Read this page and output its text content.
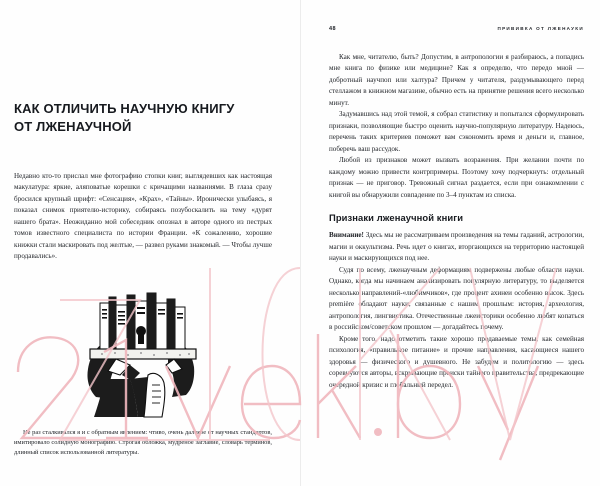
КАК ОТЛИЧИТЬ НАУЧНУЮ КНИГУ
ОТ ЛЖЕНАУЧНОЙ

Недавно кто-то прислал мне фотографию стопки книг, выглядевших как настоящая макулатура: яркие, аляповатые корешки с кричащими названиями. В глаза сразу бросился крупный шрифт: «Сенсация», «Крах», «Тайны». Иронически улыбаясь, я показал снимок приятелю-историку, собираясь позубоскалить на тему «дурят нашего брата». Неожиданно мой собеседник опознал в авторе одного из пестрых томов известного специалиста по истории Франции. «К сожалению, хорошие книжки стали маскировать под желтые, — развел руками знакомый. — Чтобы лучше продавались».

Не раз сталкивался я и с обратным явлением: чтиво, очень далекое от научных стандартов, имитировало солидную монографию. Строгая обложка, мудреное заглавие, словарь терминов, длинный список использованной литературы.

48	ПРИВИВКА ОТ ЛЖЕНАУКИ

Как мне, читателю, быть? Допустим, в антропологии я разбираюсь, а попадись мне книга по физике или медицине? Как я определю, что передо мной — добротный научпоп или халтура? Причем у читателя, раздумывающего перед стеллажом в книжном магазине, обычно есть на принятие решения всего несколько минут.

Задумавшись над этой темой, я собрал статистику и попытался сформулировать признаки, позволяющие быстро оценить научно-популярную литературу. Надеюсь, перечень таких критериев поможет вам сэкономить время и деньги и, главное, поберечь ваш рассудок.

Любой из признаков может вызвать возражения. При желании почти по каждому можно привести контрпримеры. Поэтому хочу подчеркнуть: отдельный признак — не приговор. Тревожный сигнал раздается, если при ознакомлении с книгой вы обнаружили совпадение по 3–4 пунктам из списка.

Признаки лженаучной книги

Внимание! Здесь мы не рассматриваем произведения на темы гаданий, астрологии, магии и оккультизма. Речь идет о книгах, вторгающихся на территорию настоящей науки и маскирующихся под нее.

Судя по всему, лженаучным деформациям подвержены любые области науки. Однако, когда мы начинаем анализировать популярную литературу, то выделяется несколько направлений-«любимчиков», где процент ахинеи особенно высок. Здесь première обладают науки, связанные с нашим прошлым: история, археология, антропология, лингвистика. Отечественные лжеисторики особенно любят копаться в российском/советском прошлом — догадайтесь почему.

Кроме того, надо отметить такие хорошо продаваемые темы, как семейная психология, «правильное питание» и прочие направления, касающиеся нашего здоровья — физического и душевного. Не забудем и политологию — здесь соревнуются авторы, вскрывающие происки тайного правительства, предрекающие очередной кризис и глобальный передел.
